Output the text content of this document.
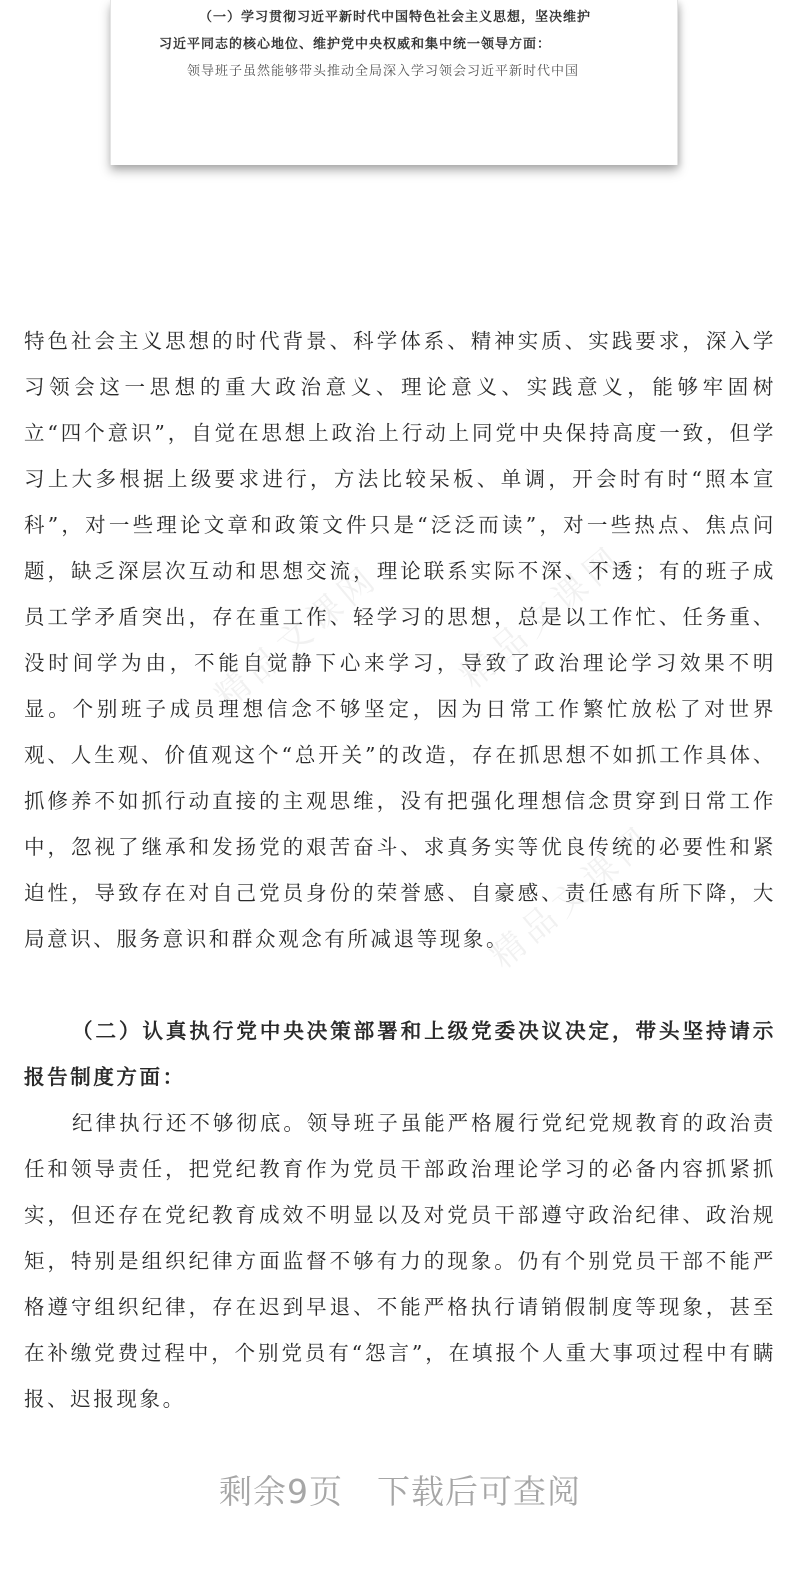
（一）学习贯彻习近平新时代中国特色社会主义思想，坚决维护
习近平同志的核心地位、维护党中央权威和集中统一领导方面：
领导班子虽然能够带头推动全局深入学习领会习近平新时代中国
精品文课网 精品文课网
精品文课网
特色社会主义思想的时代背景、科学体系、精神实质、实践要求，深入学习领会这一思想的重大政治意义、理论意义、实践意义，能够牢固树立“四个意识”，自觉在思想上政治上行动上同党中央保持高度一致，但学习上大多根据上级要求进行，方法比较呆板、单调，开会时有时“照本宣科”，对一些理论文章和政策文件只是“泛泛而读”，对一些热点、焦点问题，缺乏深层次互动和思想交流，理论联系实际不深、不透；有的班子成员工学矛盾突出，存在重工作、轻学习的思想，总是以工作忙、任务重、没时间学为由，不能自觉静下心来学习，导致了政治理论学习效果不明显。个别班子成员理想信念不够坚定，因为日常工作繁忙放松了对世界观、人生观、价值观这个“总开关”的改造，存在抓思想不如抓工作具体、抓修养不如抓行动直接的主观思维，没有把强化理想信念贯穿到日常工作中，忽视了继承和发扬党的艰苦奋斗、求真务实等优良传统的必要性和紧迫性，导致存在对自己党员身份的荣誉感、自豪感、责任感有所下降，大局意识、服务意识和群众观念有所减退等现象。
（二）认真执行党中央决策部署和上级党委决议决定，带头坚持请示报告制度方面：
纪律执行还不够彻底。领导班子虽能严格履行党纪党规教育的政治责任和领导责任，把党纪教育作为党员干部政治理论学习的必备内容抓紧抓实，但还存在党纪教育成效不明显以及对党员干部遵守政治纪律、政治规矩，特别是组织纪律方面监督不够有力的现象。仍有个别党员干部不能严格遵守组织纪律，存在迟到早退、不能严格执行请销假制度等现象，甚至在补缴党费过程中，个别党员有“怨言”，在填报个人重大事项过程中有瞒报、迟报现象。
剩余9页 下载后可查阅
